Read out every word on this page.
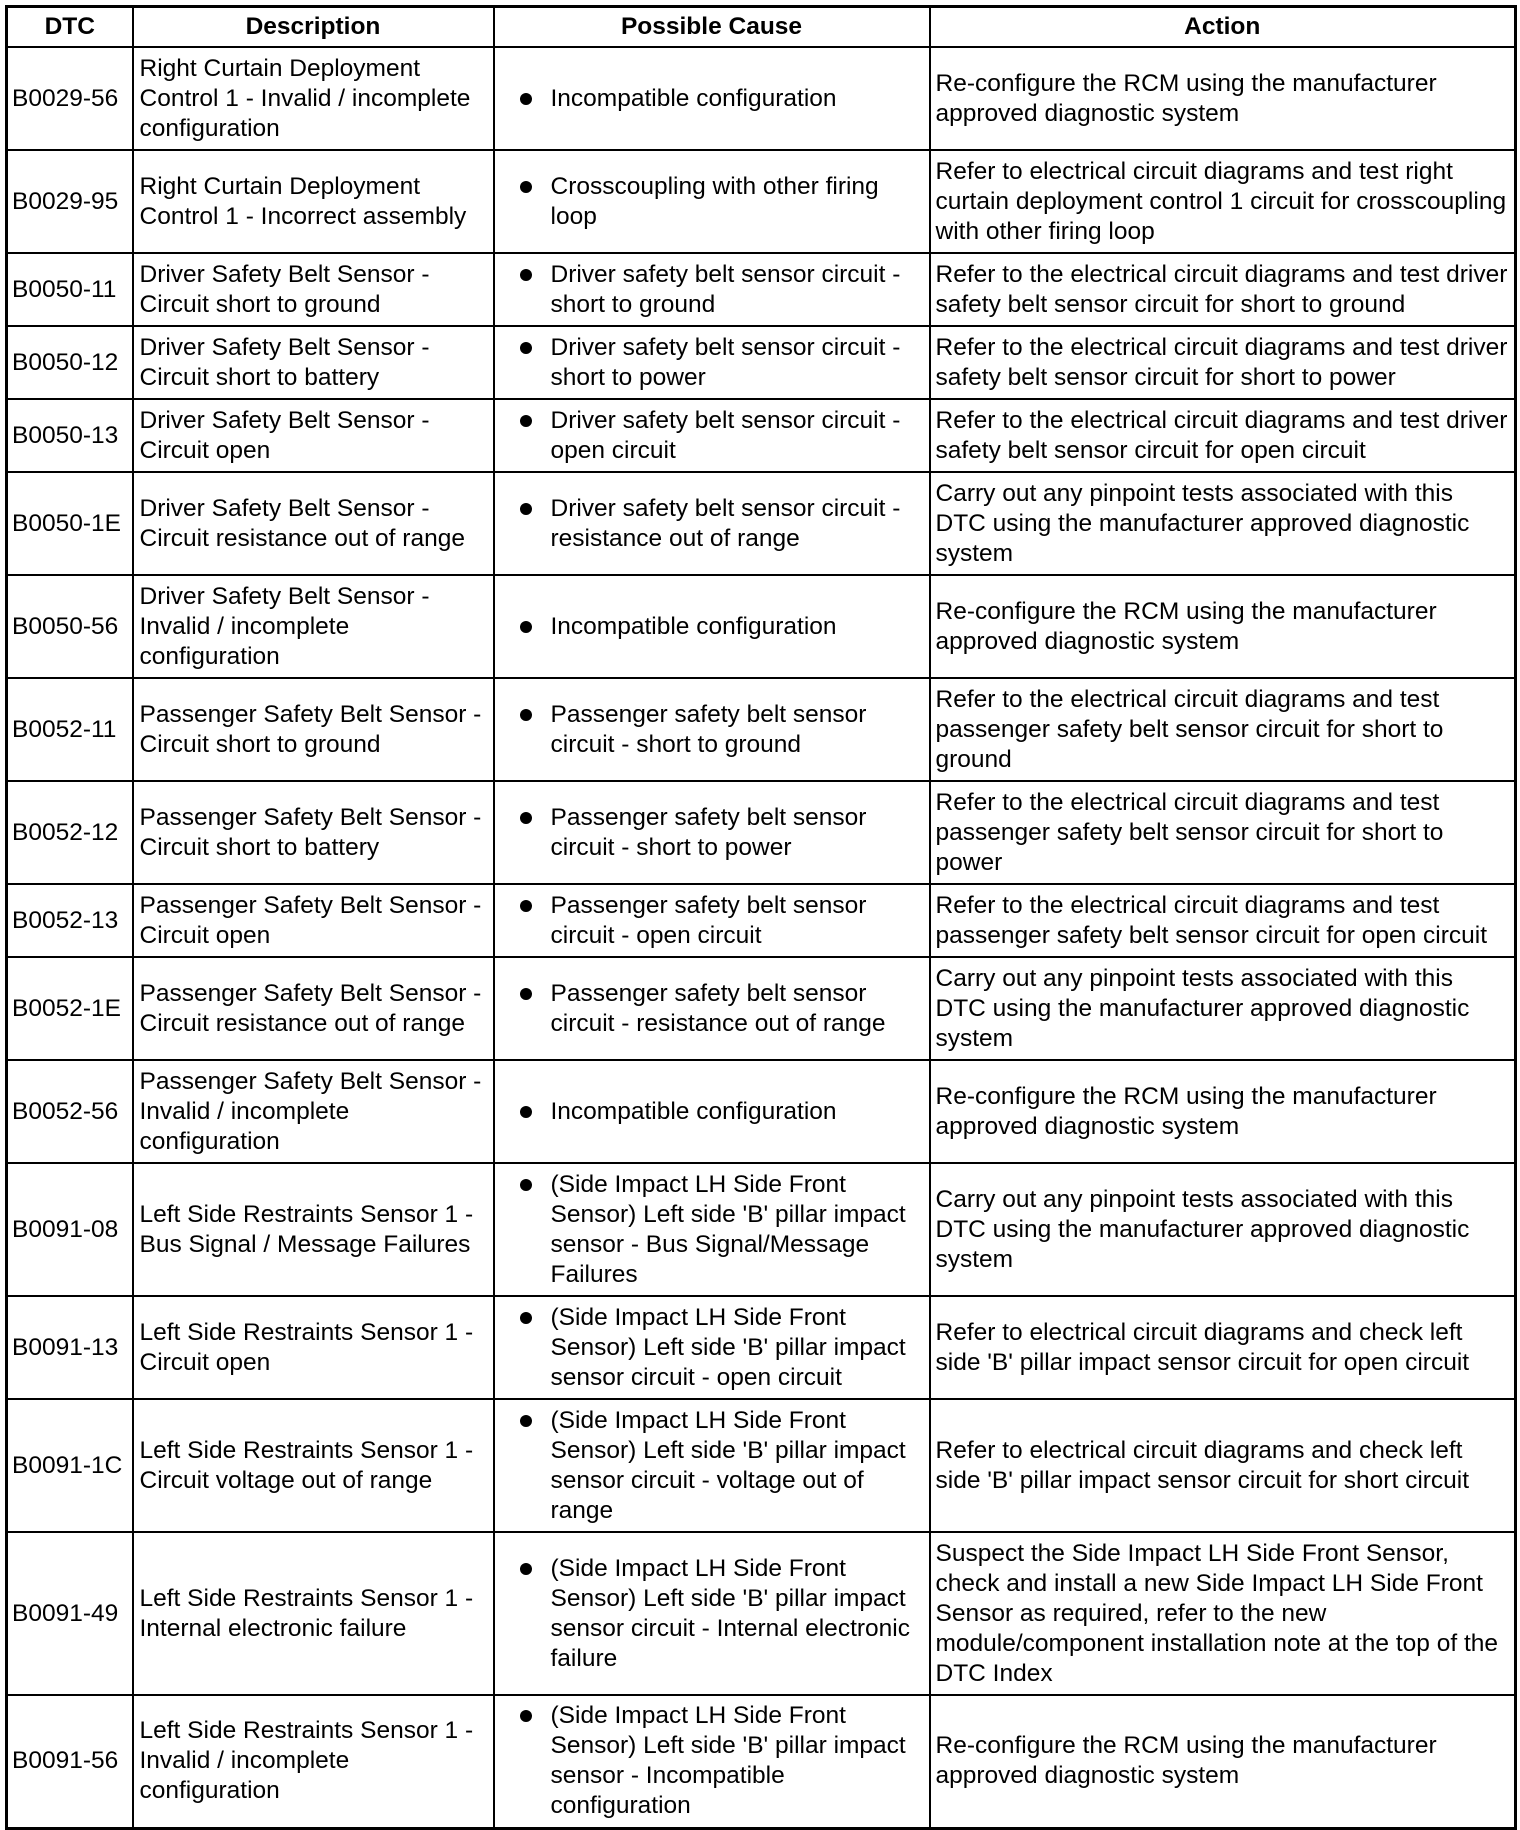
DTC	Description	Possible Cause	Action
B0029-56	Right Curtain Deployment Control 1 - Invalid / incomplete configuration	Incompatible configuration	Re-configure the RCM using the manufacturer approved diagnostic system
B0029-95	Right Curtain Deployment Control 1 - Incorrect assembly	Crosscoupling with other firing loop	Refer to electrical circuit diagrams and test right curtain deployment control 1 circuit for crosscoupling with other firing loop
B0050-11	Driver Safety Belt Sensor - Circuit short to ground	Driver safety belt sensor circuit - short to ground	Refer to the electrical circuit diagrams and test driver safety belt sensor circuit for short to ground
B0050-12	Driver Safety Belt Sensor - Circuit short to battery	Driver safety belt sensor circuit - short to power	Refer to the electrical circuit diagrams and test driver safety belt sensor circuit for short to power
B0050-13	Driver Safety Belt Sensor - Circuit open	Driver safety belt sensor circuit - open circuit	Refer to the electrical circuit diagrams and test driver safety belt sensor circuit for open circuit
B0050-1E	Driver Safety Belt Sensor - Circuit resistance out of range	Driver safety belt sensor circuit - resistance out of range	Carry out any pinpoint tests associated with this DTC using the manufacturer approved diagnostic system
B0050-56	Driver Safety Belt Sensor - Invalid / incomplete configuration	Incompatible configuration	Re-configure the RCM using the manufacturer approved diagnostic system
B0052-11	Passenger Safety Belt Sensor - Circuit short to ground	Passenger safety belt sensor circuit - short to ground	Refer to the electrical circuit diagrams and test passenger safety belt sensor circuit for short to ground
B0052-12	Passenger Safety Belt Sensor - Circuit short to battery	Passenger safety belt sensor circuit - short to power	Refer to the electrical circuit diagrams and test passenger safety belt sensor circuit for short to power
B0052-13	Passenger Safety Belt Sensor - Circuit open	Passenger safety belt sensor circuit - open circuit	Refer to the electrical circuit diagrams and test passenger safety belt sensor circuit for open circuit
B0052-1E	Passenger Safety Belt Sensor - Circuit resistance out of range	Passenger safety belt sensor circuit - resistance out of range	Carry out any pinpoint tests associated with this DTC using the manufacturer approved diagnostic system
B0052-56	Passenger Safety Belt Sensor - Invalid / incomplete configuration	Incompatible configuration	Re-configure the RCM using the manufacturer approved diagnostic system
B0091-08	Left Side Restraints Sensor 1 - Bus Signal / Message Failures	(Side Impact LH Side Front Sensor) Left side 'B' pillar impact sensor - Bus Signal/Message Failures	Carry out any pinpoint tests associated with this DTC using the manufacturer approved diagnostic system
B0091-13	Left Side Restraints Sensor 1 - Circuit open	(Side Impact LH Side Front Sensor) Left side 'B' pillar impact sensor circuit - open circuit	Refer to electrical circuit diagrams and check left side 'B' pillar impact sensor circuit for open circuit
B0091-1C	Left Side Restraints Sensor 1 - Circuit voltage out of range	(Side Impact LH Side Front Sensor) Left side 'B' pillar impact sensor circuit - voltage out of range	Refer to electrical circuit diagrams and check left side 'B' pillar impact sensor circuit for short circuit
B0091-49	Left Side Restraints Sensor 1 - Internal electronic failure	(Side Impact LH Side Front Sensor) Left side 'B' pillar impact sensor circuit - Internal electronic failure	Suspect the Side Impact LH Side Front Sensor, check and install a new Side Impact LH Side Front Sensor as required, refer to the new module/component installation note at the top of the DTC Index
B0091-56	Left Side Restraints Sensor 1 - Invalid / incomplete configuration	(Side Impact LH Side Front Sensor) Left side 'B' pillar impact sensor - Incompatible configuration	Re-configure the RCM using the manufacturer approved diagnostic system
